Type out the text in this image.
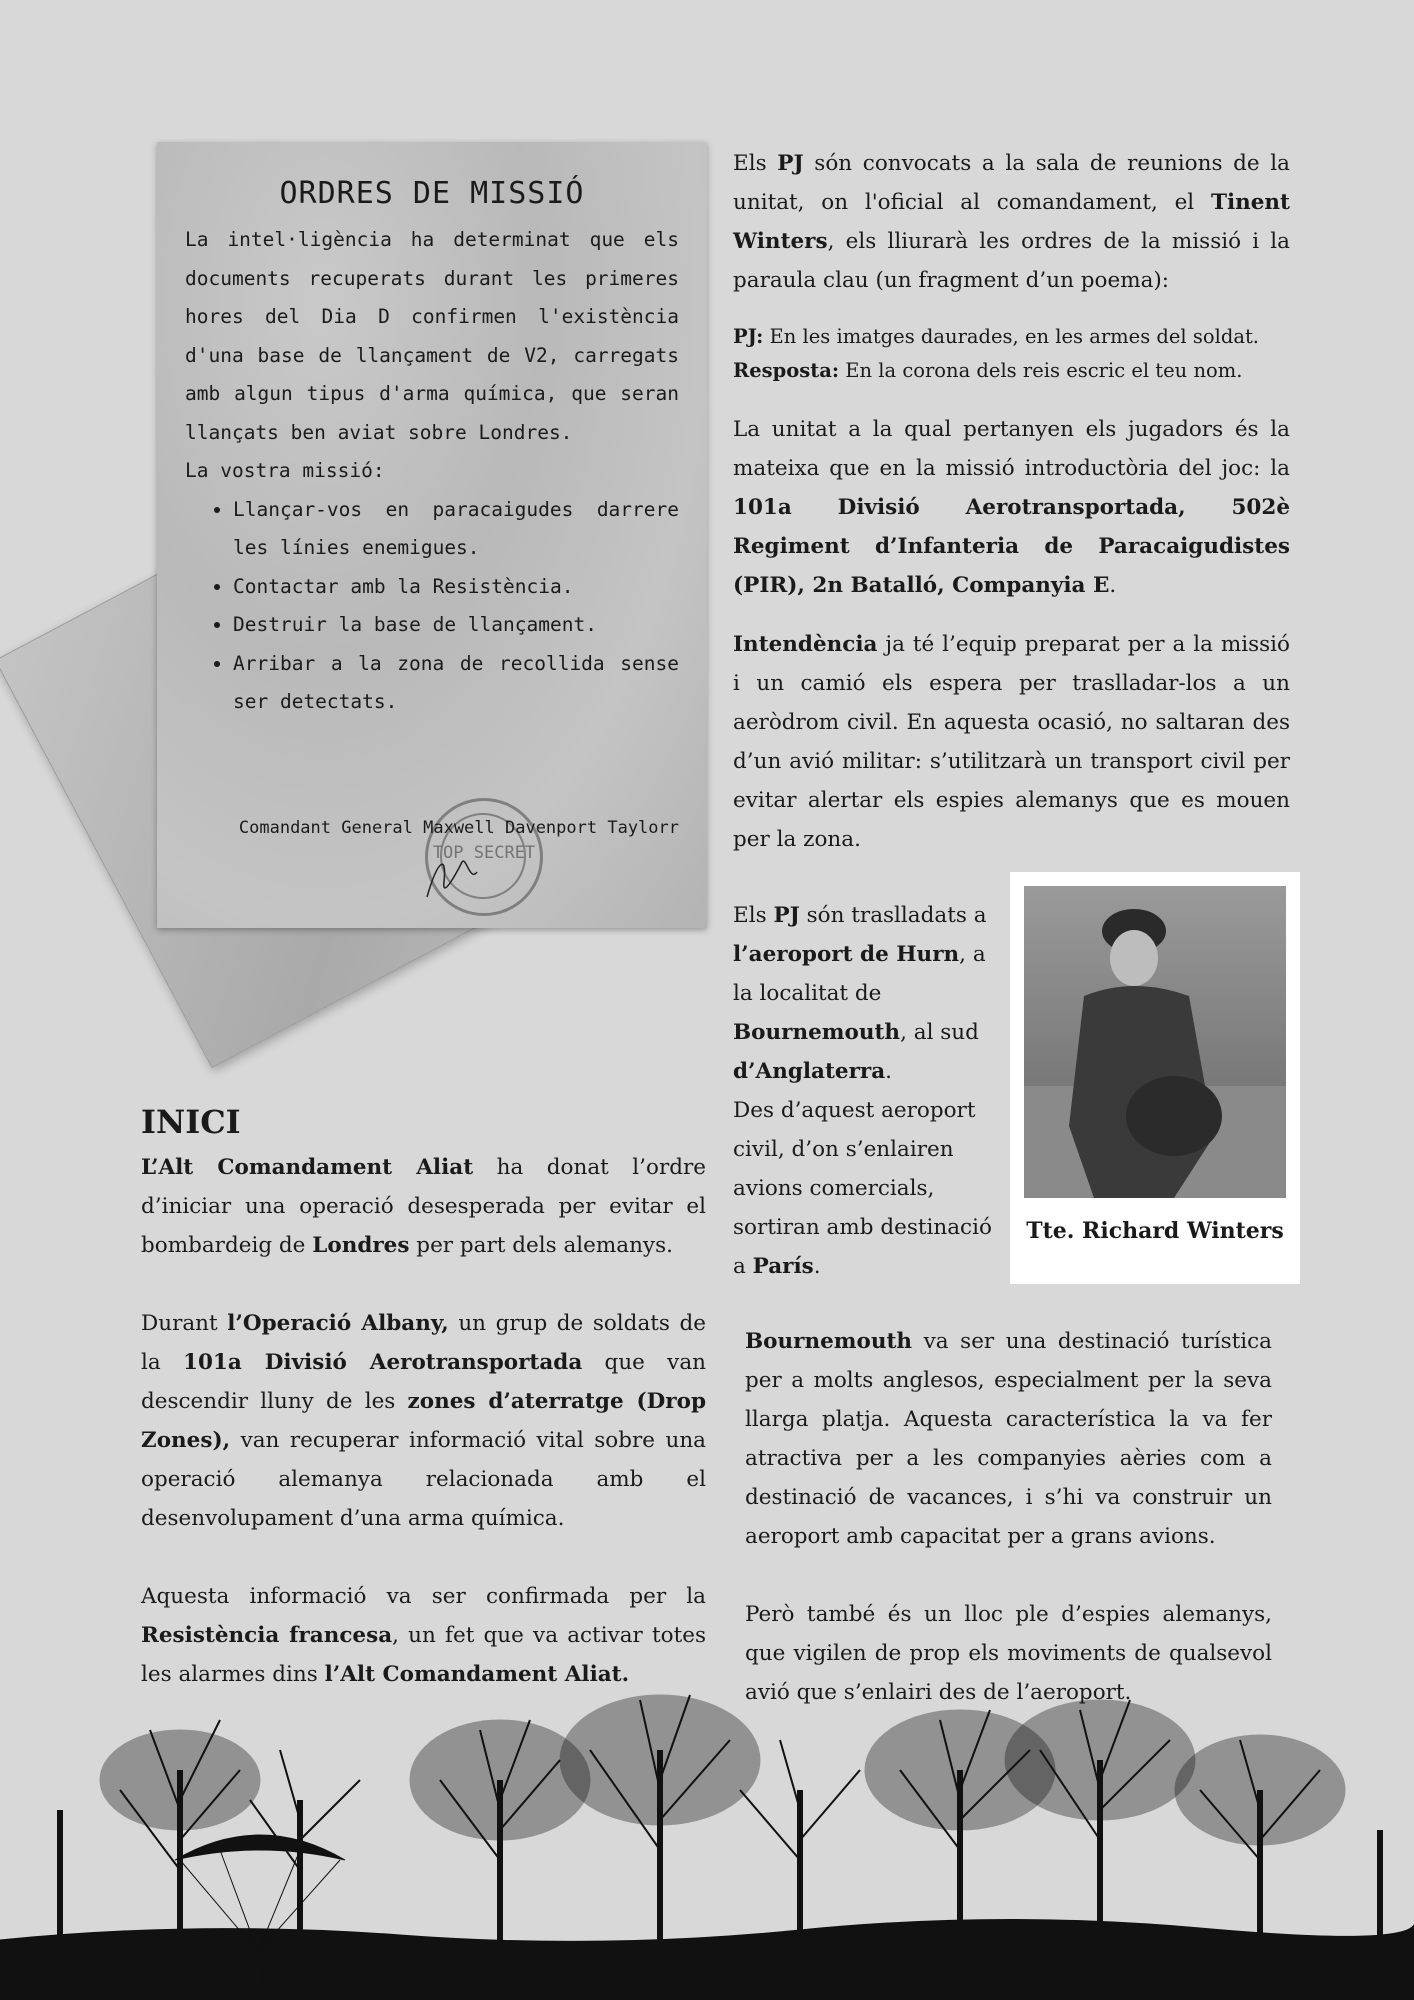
ORDRES DE MISSIÓ

La intel·ligència ha determinat que els documents recuperats durant les primeres hores del Dia D confirmen l'existència d'una base de llançament de V2, carregats amb algun tipus d'arma química, que seran llançats ben aviat sobre Londres.

La vostra missió:

• Llançar-vos en paracaigudes darrere les línies enemigues.
• Contactar amb la Resistència.
• Destruir la base de llançament.
• Arribar a la zona de recollida sense ser detectats.
TOP SECRET
Comandant General Maxwell Davenport Taylorr

Els PJ són convocats a la sala de reunions de la unitat, on l'oficial al comandament, el Tinent Winters, els lliurarà les ordres de la missió i la paraula clau (un fragment d’un poema):

PJ: En les imatges daurades, en les armes del soldat.
Resposta: En la corona dels reis escric el teu nom.

La unitat a la qual pertanyen els jugadors és la mateixa que en la missió introductòria del joc: la 101a Divisió Aerotransportada, 502è Regiment d’Infanteria de Paracaigudistes (PIR), 2n Batalló, Companyia E.

Intendència ja té l’equip preparat per a la missió i un camió els espera per traslladar-los a un aeròdrom civil. En aquesta ocasió, no saltaran des d’un avió militar: s’utilitzarà un transport civil per evitar alertar els espies alemanys que es mouen per la zona.

Els PJ són traslladats a l’aeroport de Hurn, a la localitat de Bournemouth, al sud d’Anglaterra.
Des d’aquest aeroport civil, d’on s’enlairen avions comercials, sortiran amb destinació a París.

Tte. Richard Winters

Bournemouth va ser una destinació turística per a molts anglesos, especialment per la seva llarga platja. Aquesta característica la va fer atractiva per a les companyies aèries com a destinació de vacances, i s’hi va construir un aeroport amb capacitat per a grans avions.

Però també és un lloc ple d’espies alemanys, que vigilen de prop els moviments de qualsevol avió que s’enlairi des de l’aeroport.

INICI

L’Alt Comandament Aliat ha donat l’ordre d’iniciar una operació desesperada per evitar el bombardeig de Londres per part dels alemanys.

Durant l’Operació Albany, un grup de soldats de la 101a Divisió Aerotransportada que van descendir lluny de les zones d’aterratge (Drop Zones), van recuperar informació vital sobre una operació alemanya relacionada amb el desenvolupament d’una arma química.

Aquesta informació va ser confirmada per la Resistència francesa, un fet que va activar totes les alarmes dins l’Alt Comandament Aliat.
